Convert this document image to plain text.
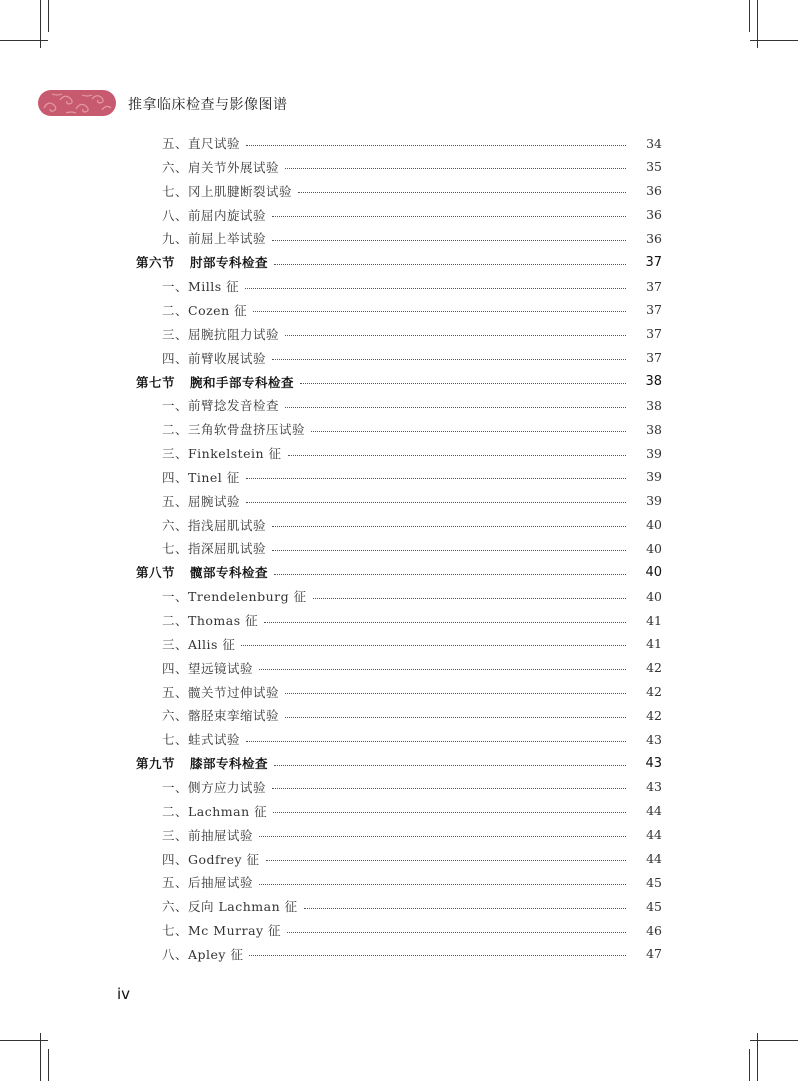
推拿临床检查与影像图谱
五、直尺试验	34
六、肩关节外展试验	35
七、冈上肌腱断裂试验	36
八、前屈内旋试验	36
九、前屈上举试验	36
第六节 肘部专科检查	37
一、Mills 征	37
二、Cozen 征	37
三、屈腕抗阻力试验	37
四、前臂收展试验	37
第七节 腕和手部专科检查	38
一、前臂捻发音检查	38
二、三角软骨盘挤压试验	38
三、Finkelstein 征	39
四、Tinel 征	39
五、屈腕试验	39
六、指浅屈肌试验	40
七、指深屈肌试验	40
第八节 髋部专科检查	40
一、Trendelenburg 征	40
二、Thomas 征	41
三、Allis 征	41
四、望远镜试验	42
五、髋关节过伸试验	42
六、髂胫束挛缩试验	42
七、蛙式试验	43
第九节 膝部专科检查	43
一、侧方应力试验	43
二、Lachman 征	44
三、前抽屉试验	44
四、Godfrey 征	44
五、后抽屉试验	45
六、反向 Lachman 征	45
七、Mc Murray 征	46
八、Apley 征	47
iv
